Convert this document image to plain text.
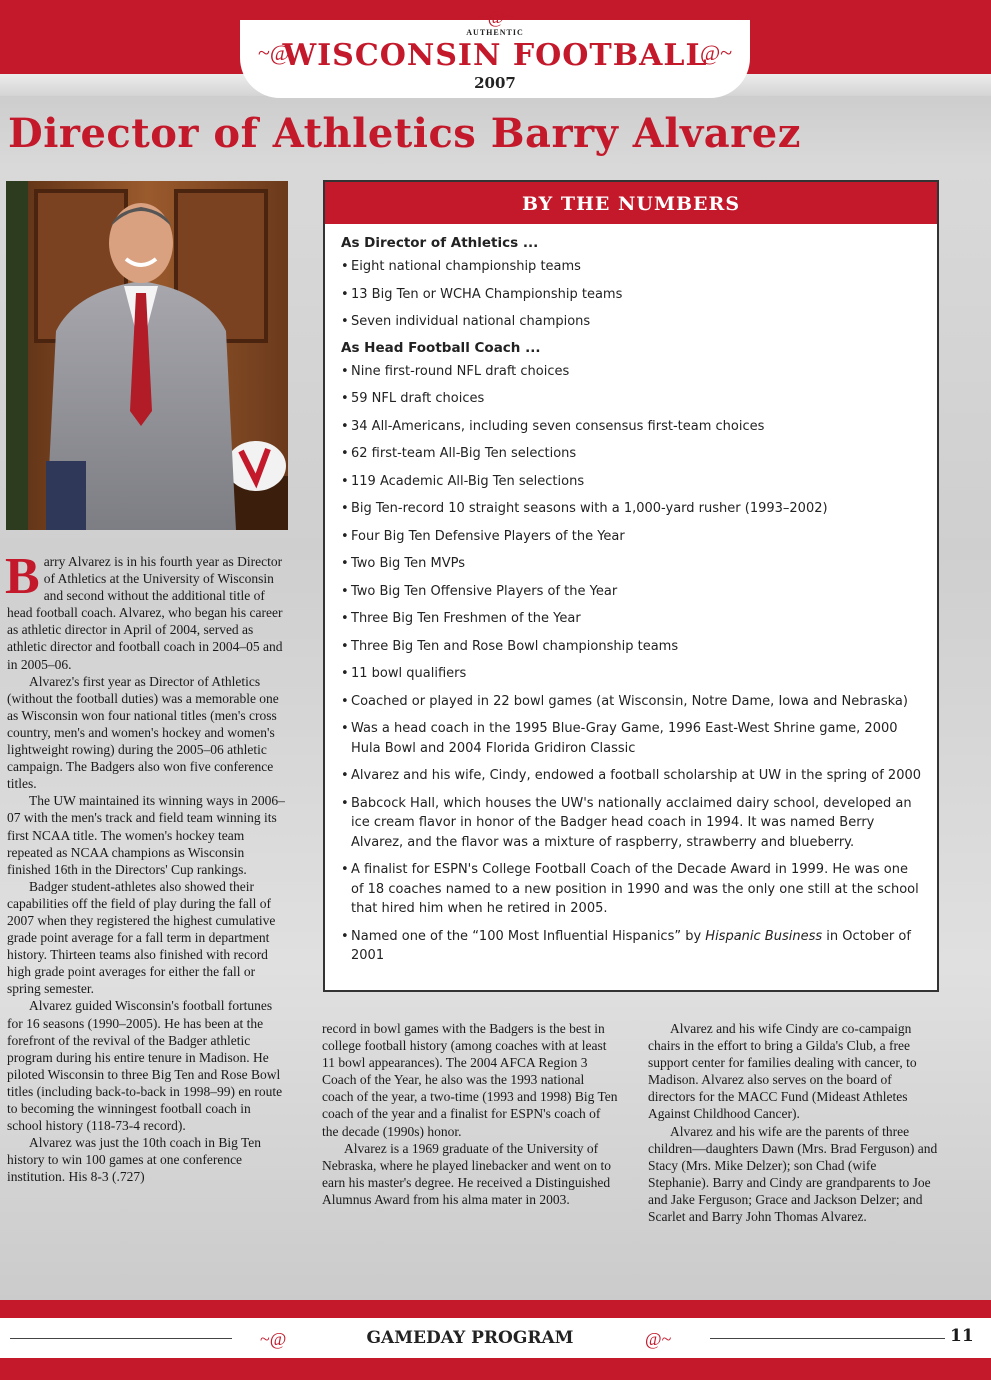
AUTHENTIC
WISCONSIN FOOTBALL
2007
~@	@~
~@~
Director of Athletics Barry Alvarez
BY THE NUMBERS
As Director of Athletics ...
• Eight national championship teams
• 13 Big Ten or WCHA Championship teams
• Seven individual national champions
As Head Football Coach ...
• Nine first-round NFL draft choices
• 59 NFL draft choices
• 34 All-Americans, including seven consensus first-team choices
• 62 first-team All-Big Ten selections
• 119 Academic All-Big Ten selections
• Big Ten-record 10 straight seasons with a 1,000-yard rusher (1993–2002)
• Four Big Ten Defensive Players of the Year
• Two Big Ten MVPs
• Two Big Ten Offensive Players of the Year
• Three Big Ten Freshmen of the Year
• Three Big Ten and Rose Bowl championship teams
• 11 bowl qualifiers
• Coached or played in 22 bowl games (at Wisconsin, Notre Dame, Iowa and Nebraska)
• Was a head coach in the 1995 Blue-Gray Game, 1996 East-West Shrine game, 2000 Hula Bowl and 2004 Florida Gridiron Classic
• Alvarez and his wife, Cindy, endowed a football scholarship at UW in the spring of 2000
• Babcock Hall, which houses the UW's nationally acclaimed dairy school, developed an ice cream flavor in honor of the Badger head coach in 1994. It was named Berry Alvarez, and the flavor was a mixture of raspberry, strawberry and blueberry.
• A finalist for ESPN's College Football Coach of the Decade Award in 1999. He was one of 18 coaches named to a new position in 1990 and was the only one still at the school that hired him when he retired in 2005.
• Named one of the “100 Most Influential Hispanics” by Hispanic Business in October of 2001
B arry Alvarez is in his fourth year as Director of Athletics at the University of Wisconsin and second without the additional title of head football coach. Alvarez, who began his career as athletic director in April of 2004, served as athletic director and football coach in 2004–05 and in 2005–06.

Alvarez's first year as Director of Athletics (without the football duties) was a memorable one as Wisconsin won four national titles (men's cross country, men's and women's hockey and women's lightweight rowing) during the 2005–06 athletic campaign. The Badgers also won five conference titles.

The UW maintained its winning ways in 2006–07 with the men's track and field team winning its first NCAA title. The women's hockey team repeated as NCAA champions as Wisconsin finished 16th in the Directors' Cup rankings.

Badger student-athletes also showed their capabilities off the field of play during the fall of 2007 when they registered the highest cumulative grade point average for a fall term in department history. Thirteen teams also finished with record high grade point averages for either the fall or spring semester.

Alvarez guided Wisconsin's football fortunes for 16 seasons (1990–2005). He has been at the forefront of the revival of the Badger athletic program during his entire tenure in Madison. He piloted Wisconsin to three Big Ten and Rose Bowl titles (including back-to-back in 1998–99) en route to becoming the winningest football coach in school history (118-73-4 record).

Alvarez was just the 10th coach in Big Ten history to win 100 games at one conference institution. His 8-3 (.727)

record in bowl games with the Badgers is the best in college football history (among coaches with at least 11 bowl appearances). The 2004 AFCA Region 3 Coach of the Year, he also was the 1993 national coach of the year, a two-time (1993 and 1998) Big Ten coach of the year and a finalist for ESPN's coach of the decade (1990s) honor.

Alvarez is a 1969 graduate of the University of Nebraska, where he played linebacker and went on to earn his master's degree. He received a Distinguished Alumnus Award from his alma mater in 2003.

Alvarez and his wife Cindy are co-campaign chairs in the effort to bring a Gilda's Club, a free support center for families dealing with cancer, to Madison. Alvarez also serves on the board of directors for the MACC Fund (Mideast Athletes Against Childhood Cancer).

Alvarez and his wife are the parents of three children—daughters Dawn (Mrs. Brad Ferguson) and Stacy (Mrs. Mike Delzer); son Chad (wife Stephanie). Barry and Cindy are grandparents to Joe and Jake Ferguson; Grace and Jackson Delzer; and Scarlet and Barry John Thomas Alvarez.

~@	@~
GAMEDAY PROGRAM	11
